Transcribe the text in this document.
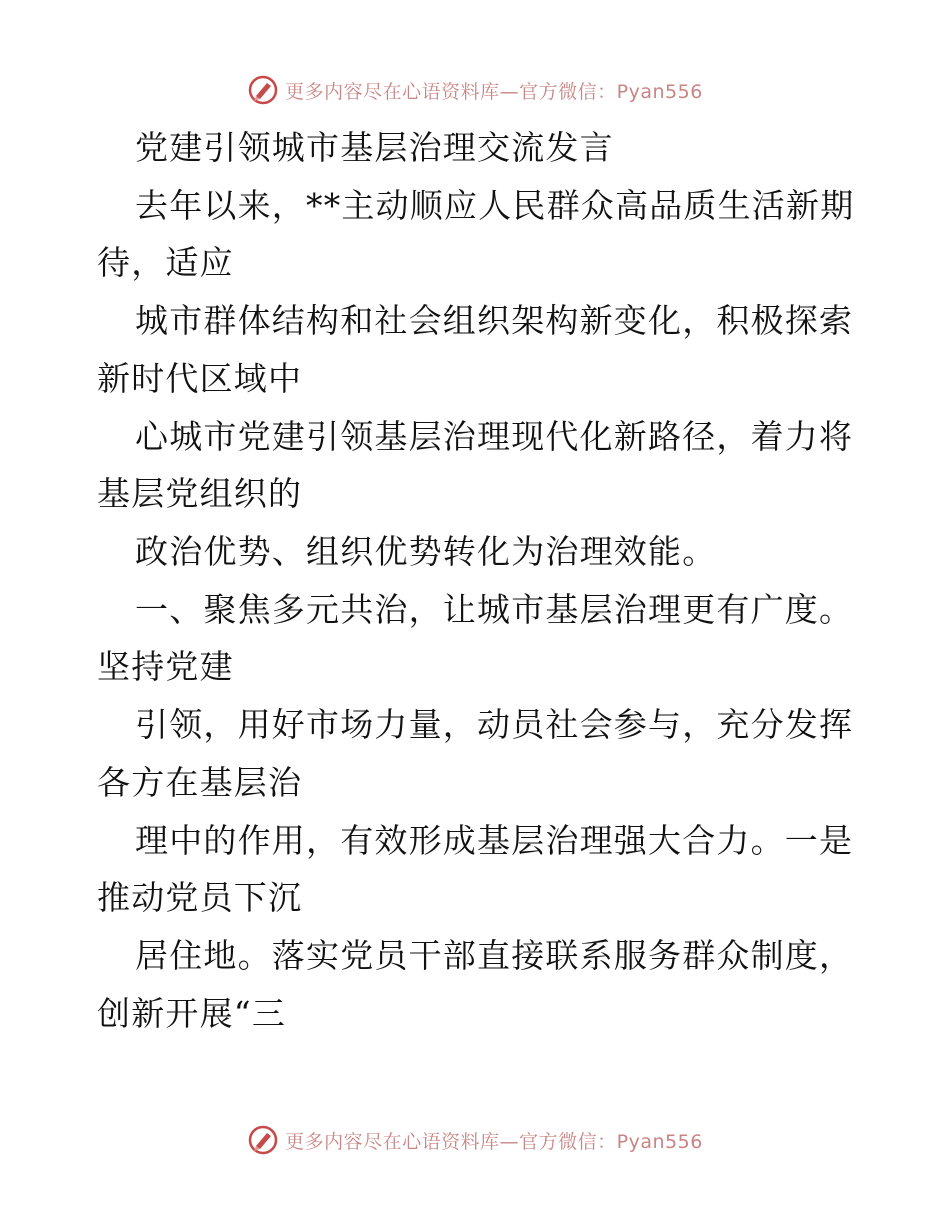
更多内容尽在心语资料库—官方微信：Pyan556
党建引领城市基层治理交流发言
去年以来，**主动顺应人民群众高品质生活新期
待，适应
城市群体结构和社会组织架构新变化，积极探索
新时代区域中
心城市党建引领基层治理现代化新路径，着力将
基层党组织的
政治优势、组织优势转化为治理效能。
一、聚焦多元共治，让城市基层治理更有广度。
坚持党建
引领，用好市场力量，动员社会参与，充分发挥
各方在基层治
理中的作用，有效形成基层治理强大合力。一是
推动党员下沉
居住地。落实党员干部直接联系服务群众制度，
创新开展“三
更多内容尽在心语资料库—官方微信：Pyan556
